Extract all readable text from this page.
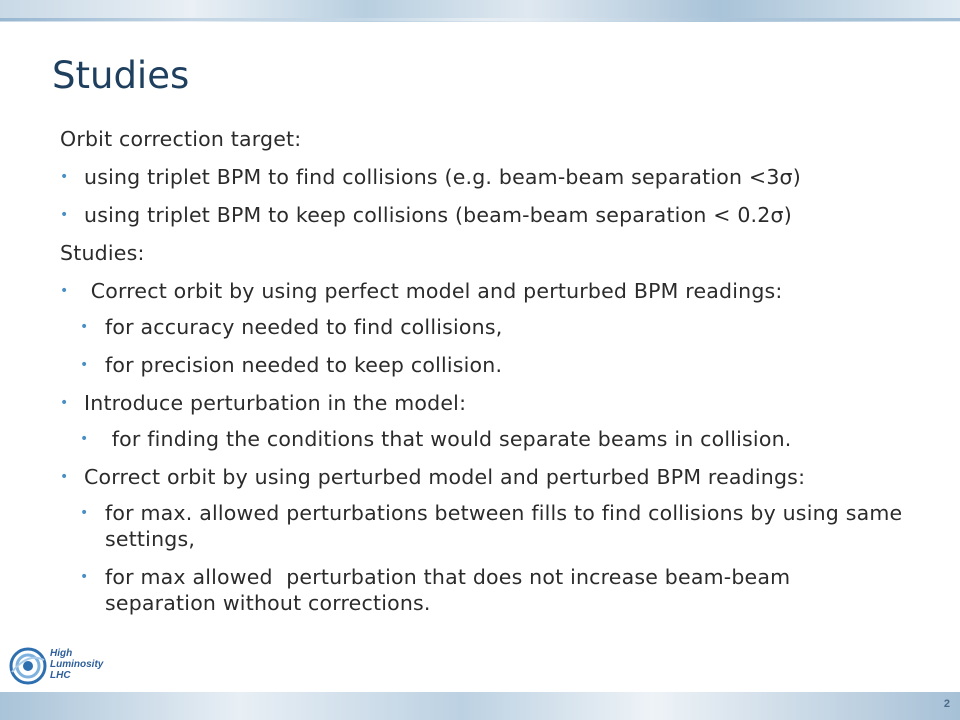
Studies

Orbit correction target:

• using triplet BPM to find collisions (e.g. beam-beam separation <3σ)

• using triplet BPM to keep collisions (beam-beam separation < 0.2σ)

Studies:

• Correct orbit by using perfect model and perturbed BPM readings:

• for accuracy needed to find collisions,

• for precision needed to keep collision.

• Introduce perturbation in the model:

• for finding the conditions that would separate beams in collision.

• Correct orbit by using perturbed model and perturbed BPM readings:

• for max. allowed perturbations between fills to find collisions by using same settings,

• for max allowed  perturbation that does not increase beam-beam separation without corrections.

High
Luminosity
LHC
2
